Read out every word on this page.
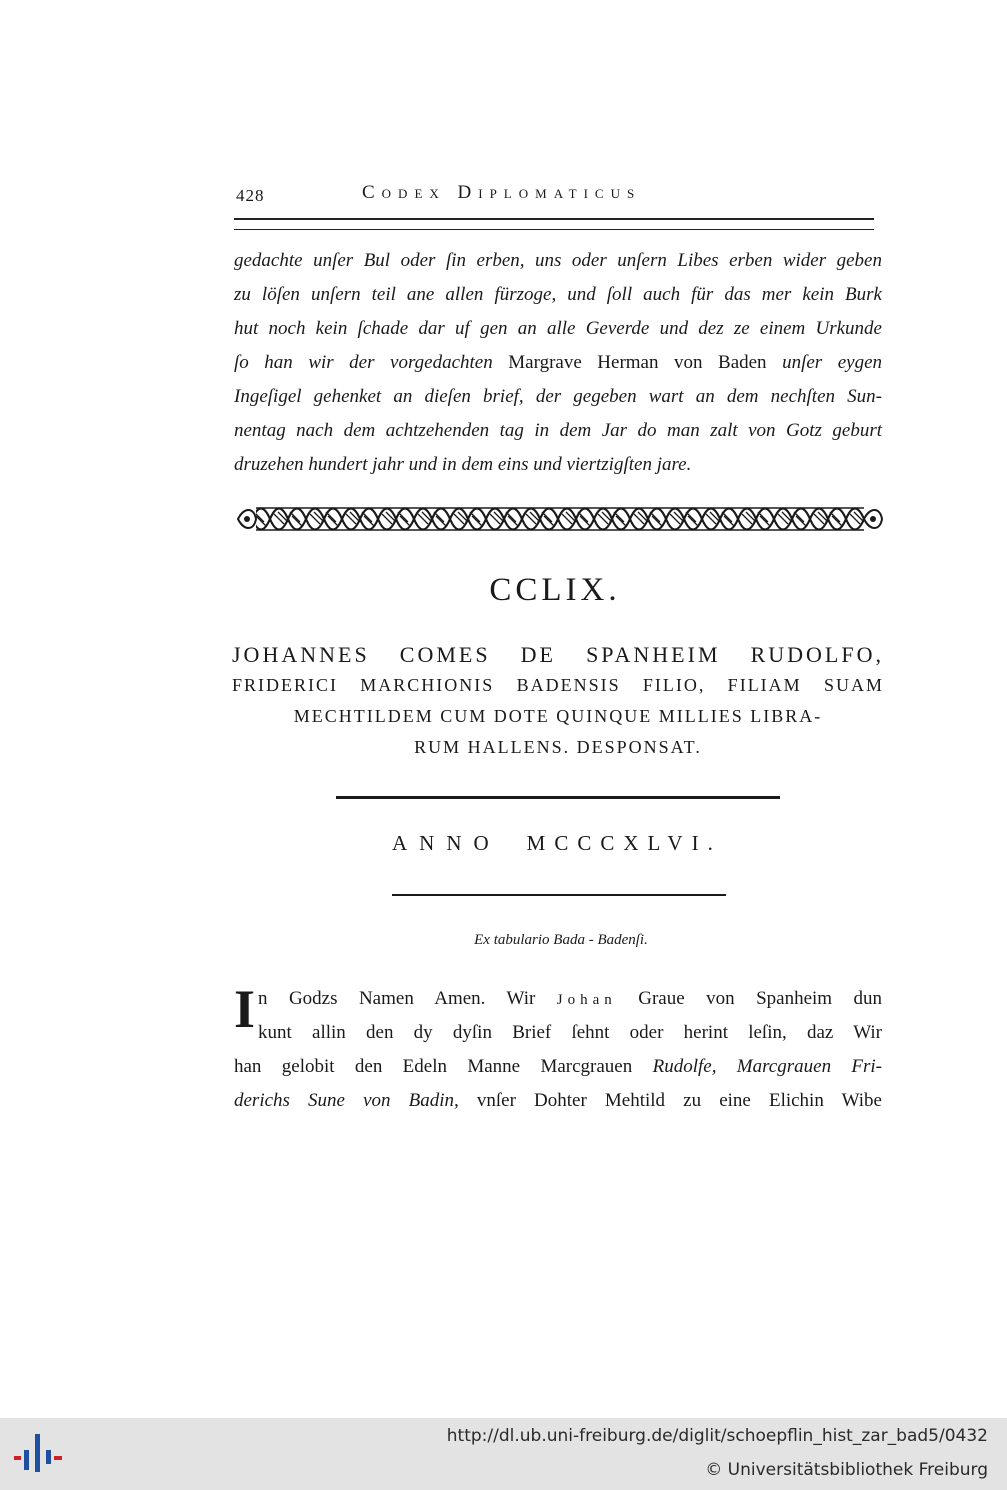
428	Codex Diplomaticus
gedachte unſer Bul oder ſin erben, uns oder unſern Libes erben wider geben
zu löſen unſern teil ane allen fürzoge, und ſoll auch für das mer kein Burk
hut noch kein ſchade dar uf gen an alle Geverde und dez ze einem Urkunde
ſo han wir der vorgedachten Margrave Herman von Baden unſer eygen
Ingeſigel gehenket an dieſen brief, der gegeben wart an dem nechſten Sun-
nentag nach dem achtzehenden tag in dem Jar do man zalt von Gotz geburt
druzehen hundert jahr und in dem eins und viertzigſten jare.
CCLIX.
JOHANNES COMES DE SPANHEIM RUDOLFO,
FRIDERICI MARCHIONIS BADENSIS FILIO, FILIAM SUAM
MECHTILDEM CUM DOTE QUINQUE MILLIES LIBRA-
RUM HALLENS. DESPONSAT.
ANNO MCCCXLVI.
Ex tabulario Bada - Badenſi.
I n Godzs Namen Amen. Wir Johan Graue von Spanheim dun
kunt allin den dy dyſin Brief ſehnt oder herint leſin, daz Wir
han gelobit den Edeln Manne Marcgrauen Rudolfe, Marcgrauen Fri-
derichs Sune von Badin, vnſer Dohter Mehtild zu eine Elichin Wibe
http://dl.ub.uni-freiburg.de/diglit/schoepflin_hist_zar_bad5/0432
© Universitätsbibliothek Freiburg
